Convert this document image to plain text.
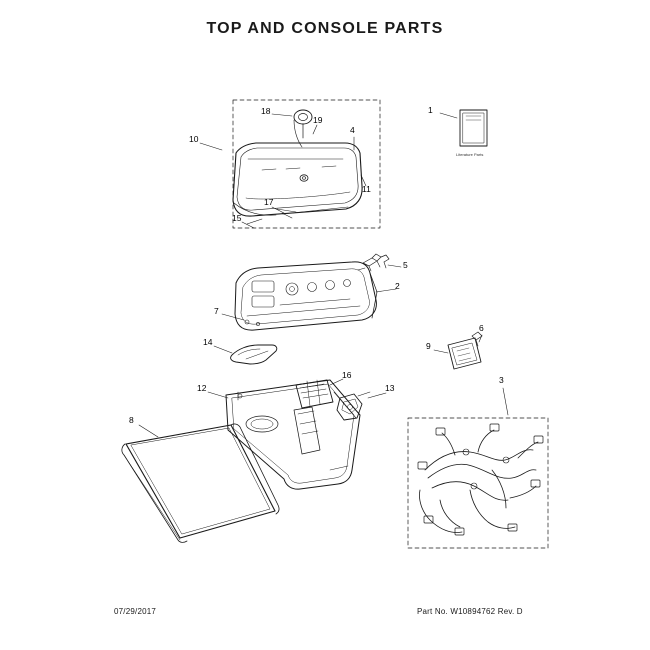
TOP AND CONSOLE PARTS
1
2
3
4
5
6
7
8
9
10
11
12	13
14
15
16
17
18
19
Literature Parts
07/29/2017	Part No. W10894762 Rev. D
